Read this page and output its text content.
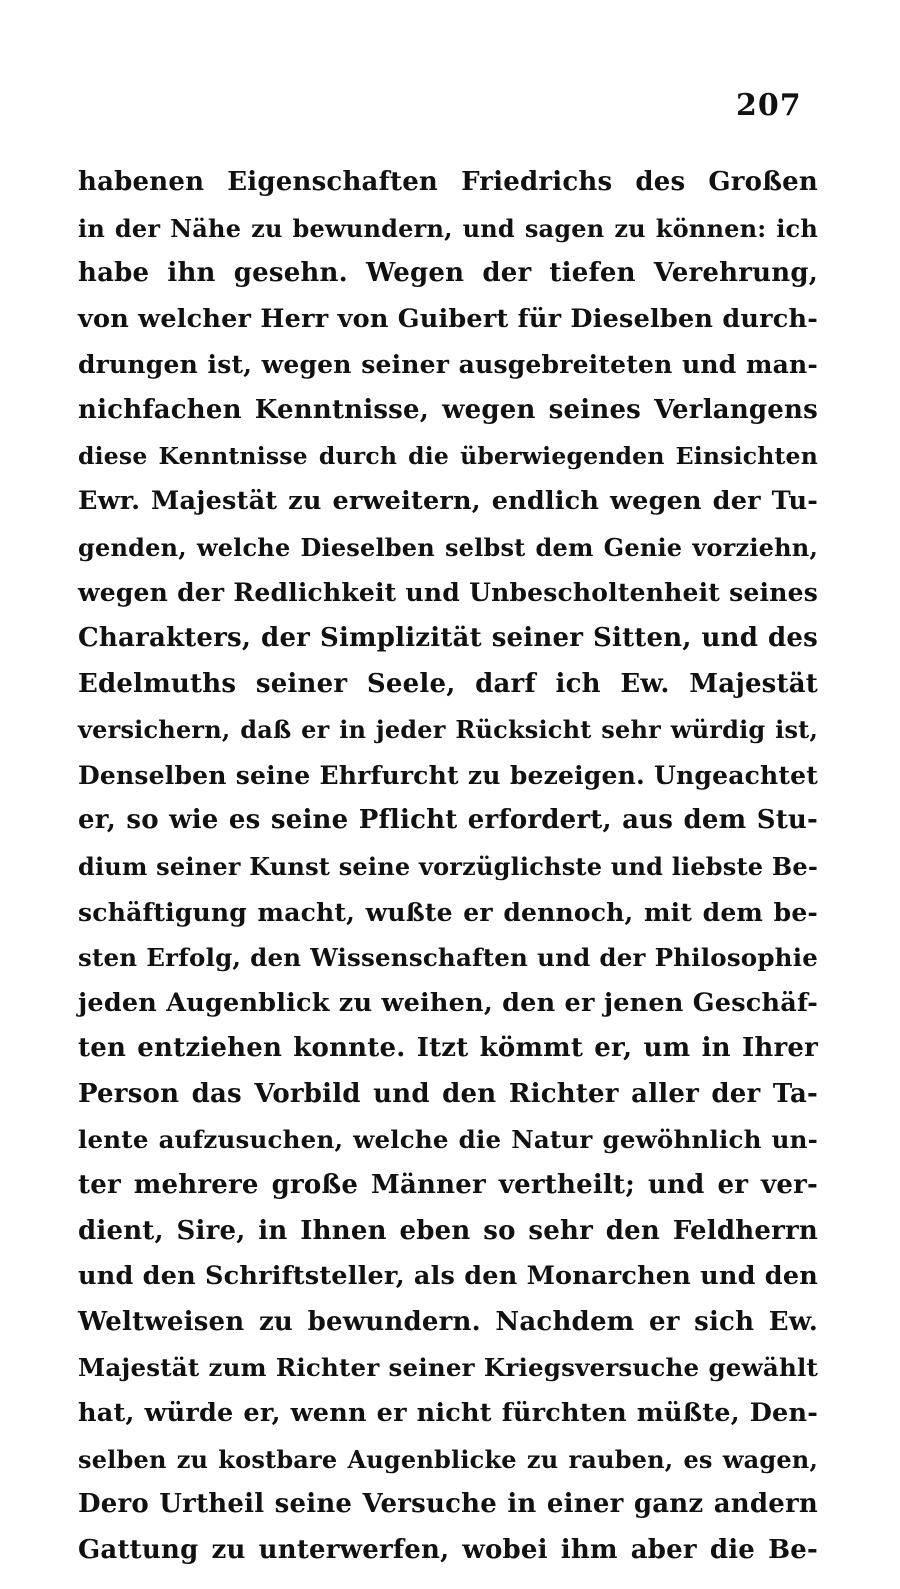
207
habenen Eigenschaften Friedrichs des Großen
in der Nähe zu bewundern, und sagen zu können: ich
habe ihn gesehn. Wegen der tiefen Verehrung,
von welcher Herr von Guibert für Dieselben durch-
drungen ist, wegen seiner ausgebreiteten und man-
nichfachen Kenntnisse, wegen seines Verlangens
diese Kenntnisse durch die überwiegenden Einsichten
Ewr. Majestät zu erweitern, endlich wegen der Tu-
genden, welche Dieselben selbst dem Genie vorziehn,
wegen der Redlichkeit und Unbescholtenheit seines
Charakters, der Simplizität seiner Sitten, und des
Edelmuths seiner Seele, darf ich Ew. Majestät
versichern, daß er in jeder Rücksicht sehr würdig ist,
Denselben seine Ehrfurcht zu bezeigen. Ungeachtet
er, so wie es seine Pflicht erfordert, aus dem Stu-
dium seiner Kunst seine vorzüglichste und liebste Be-
schäftigung macht, wußte er dennoch, mit dem be-
sten Erfolg, den Wissenschaften und der Philosophie
jeden Augenblick zu weihen, den er jenen Geschäf-
ten entziehen konnte. Itzt kömmt er, um in Ihrer
Person das Vorbild und den Richter aller der Ta-
lente aufzusuchen, welche die Natur gewöhnlich un-
ter mehrere große Männer vertheilt; und er ver-
dient, Sire, in Ihnen eben so sehr den Feldherrn
und den Schriftsteller, als den Monarchen und den
Weltweisen zu bewundern. Nachdem er sich Ew.
Majestät zum Richter seiner Kriegsversuche gewählt
hat, würde er, wenn er nicht fürchten müßte, Den-
selben zu kostbare Augenblicke zu rauben, es wagen,
Dero Urtheil seine Versuche in einer ganz andern
Gattung zu unterwerfen, wobei ihm aber die Be-
